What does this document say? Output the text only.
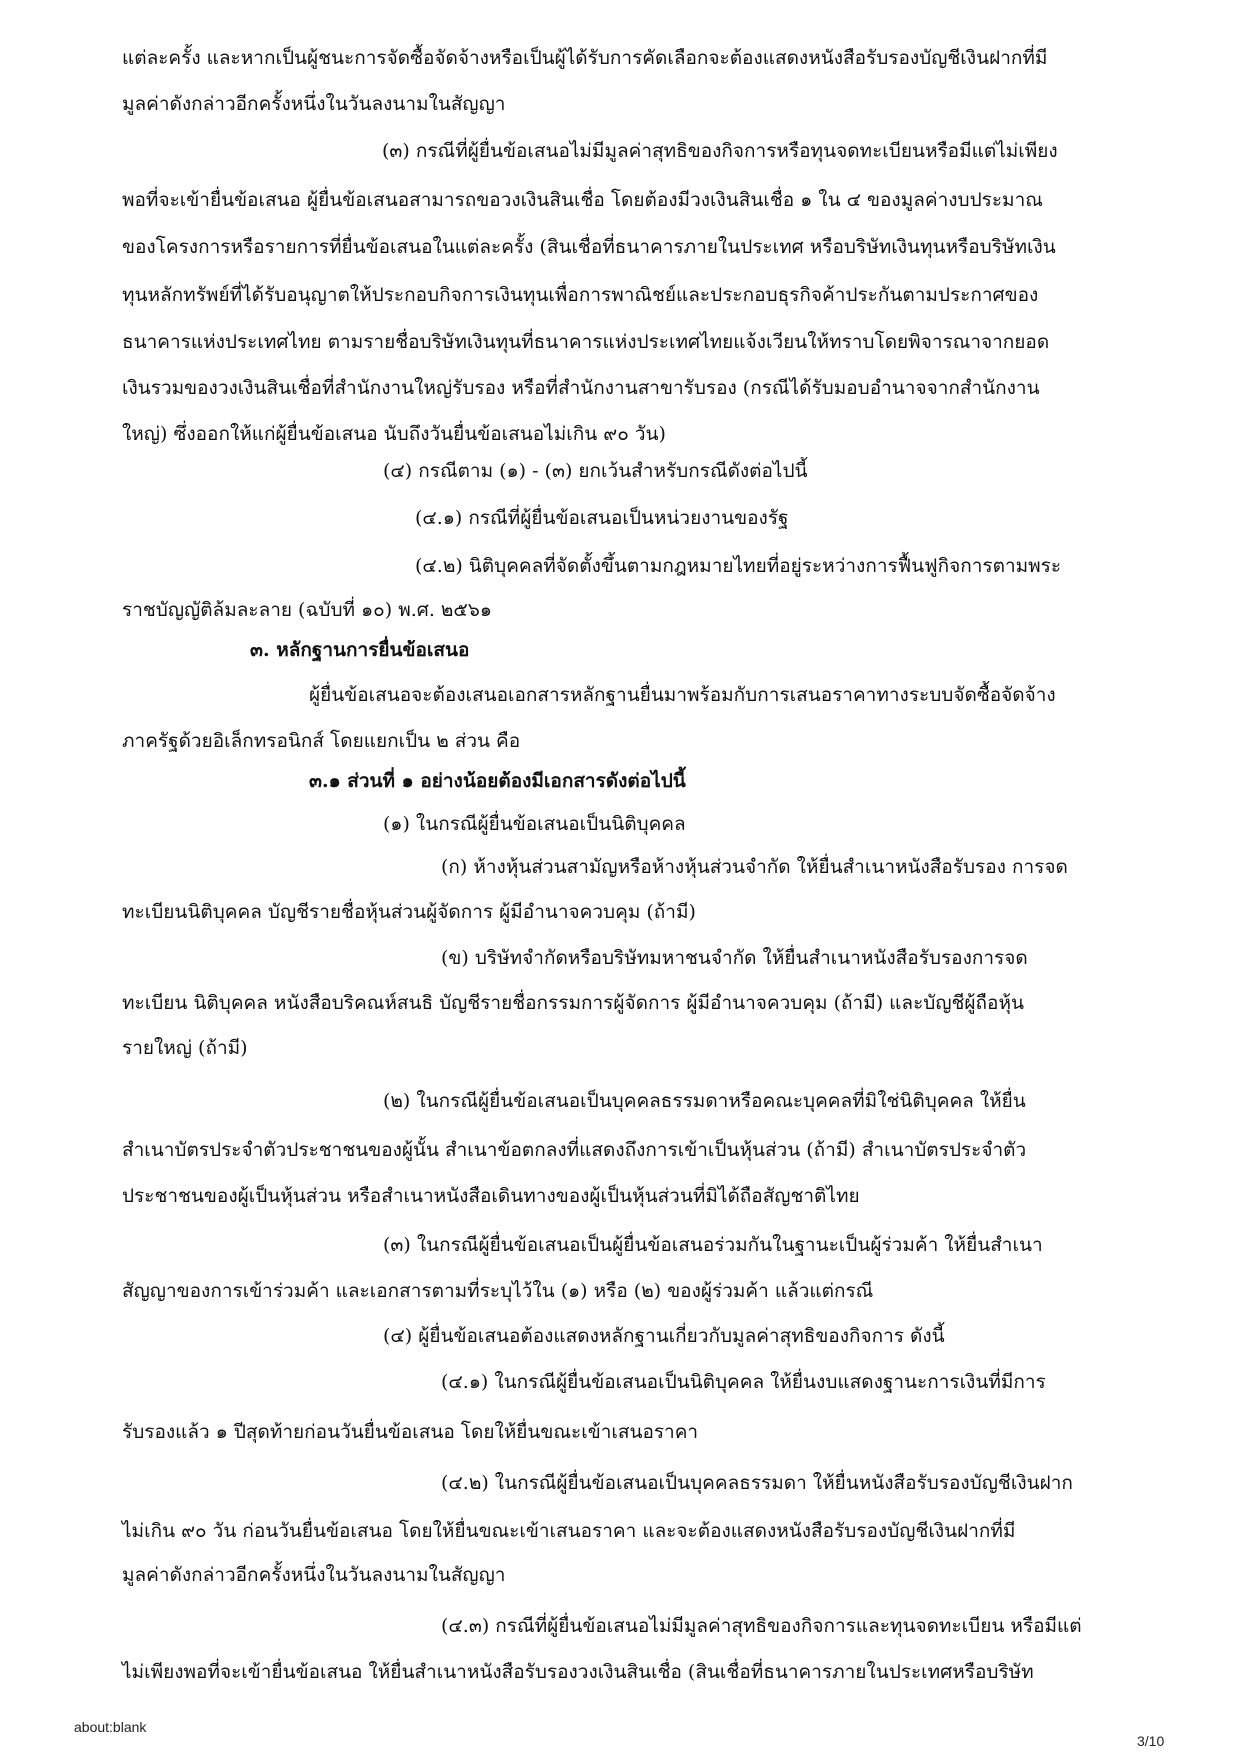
แต่ละครั้ง และหากเป็นผู้ชนะการจัดซื้อจัดจ้างหรือเป็นผู้ได้รับการคัดเลือกจะต้องแสดงหนังสือรับรองบัญชีเงินฝากที่มี
มูลค่าดังกล่าวอีกครั้งหนึ่งในวันลงนามในสัญญา
(๓) กรณีที่ผู้ยื่นข้อเสนอไม่มีมูลค่าสุทธิของกิจการหรือทุนจดทะเบียนหรือมีแต่ไม่เพียง
พอที่จะเข้ายื่นข้อเสนอ ผู้ยื่นข้อเสนอสามารถขอวงเงินสินเชื่อ โดยต้องมีวงเงินสินเชื่อ ๑ ใน ๔ ของมูลค่างบประมาณ
ของโครงการหรือรายการที่ยื่นข้อเสนอในแต่ละครั้ง (สินเชื่อที่ธนาคารภายในประเทศ หรือบริษัทเงินทุนหรือบริษัทเงิน
ทุนหลักทรัพย์ที่ได้รับอนุญาตให้ประกอบกิจการเงินทุนเพื่อการพาณิชย์และประกอบธุรกิจค้าประกันตามประกาศของ
ธนาคารแห่งประเทศไทย ตามรายชื่อบริษัทเงินทุนที่ธนาคารแห่งประเทศไทยแจ้งเวียนให้ทราบโดยพิจารณาจากยอด
เงินรวมของวงเงินสินเชื่อที่สำนักงานใหญ่รับรอง หรือที่สำนักงานสาขารับรอง (กรณีได้รับมอบอำนาจจากสำนักงาน
ใหญ่) ซึ่งออกให้แก่ผู้ยื่นข้อเสนอ นับถึงวันยื่นข้อเสนอไม่เกิน ๙๐ วัน)
(๔) กรณีตาม (๑) - (๓) ยกเว้นสำหรับกรณีดังต่อไปนี้
(๔.๑) กรณีที่ผู้ยื่นข้อเสนอเป็นหน่วยงานของรัฐ
(๔.๒) นิติบุคคลที่จัดตั้งขึ้นตามกฎหมายไทยที่อยู่ระหว่างการฟื้นฟูกิจการตามพระ
ราชบัญญัติล้มละลาย (ฉบับที่ ๑๐) พ.ศ. ๒๕๖๑
๓. หลักฐานการยื่นข้อเสนอ
ผู้ยื่นข้อเสนอจะต้องเสนอเอกสารหลักฐานยื่นมาพร้อมกับการเสนอราคาทางระบบจัดซื้อจัดจ้าง
ภาครัฐด้วยอิเล็กทรอนิกส์ โดยแยกเป็น ๒ ส่วน คือ
๓.๑ ส่วนที่ ๑ อย่างน้อยต้องมีเอกสารดังต่อไปนี้
(๑) ในกรณีผู้ยื่นข้อเสนอเป็นนิติบุคคล
(ก) ห้างหุ้นส่วนสามัญหรือห้างหุ้นส่วนจำกัด ให้ยื่นสำเนาหนังสือรับรอง การจด
ทะเบียนนิติบุคคล บัญชีรายชื่อหุ้นส่วนผู้จัดการ ผู้มีอำนาจควบคุม (ถ้ามี)
(ข) บริษัทจำกัดหรือบริษัทมหาชนจำกัด ให้ยื่นสำเนาหนังสือรับรองการจด
ทะเบียน นิติบุคคล หนังสือบริคณห์สนธิ บัญชีรายชื่อกรรมการผู้จัดการ ผู้มีอำนาจควบคุม (ถ้ามี) และบัญชีผู้ถือหุ้น
รายใหญ่ (ถ้ามี)
(๒) ในกรณีผู้ยื่นข้อเสนอเป็นบุคคลธรรมดาหรือคณะบุคคลที่มิใช่นิติบุคคล ให้ยื่น
สำเนาบัตรประจำตัวประชาชนของผู้นั้น สำเนาข้อตกลงที่แสดงถึงการเข้าเป็นหุ้นส่วน (ถ้ามี) สำเนาบัตรประจำตัว
ประชาชนของผู้เป็นหุ้นส่วน หรือสำเนาหนังสือเดินทางของผู้เป็นหุ้นส่วนที่มิได้ถือสัญชาติไทย
(๓) ในกรณีผู้ยื่นข้อเสนอเป็นผู้ยื่นข้อเสนอร่วมกันในฐานะเป็นผู้ร่วมค้า ให้ยื่นสำเนา
สัญญาของการเข้าร่วมค้า และเอกสารตามที่ระบุไว้ใน (๑) หรือ (๒) ของผู้ร่วมค้า แล้วแต่กรณี
(๔) ผู้ยื่นข้อเสนอต้องแสดงหลักฐานเกี่ยวกับมูลค่าสุทธิของกิจการ ดังนี้
(๔.๑) ในกรณีผู้ยื่นข้อเสนอเป็นนิติบุคคล ให้ยื่นงบแสดงฐานะการเงินที่มีการ
รับรองแล้ว ๑ ปีสุดท้ายก่อนวันยื่นข้อเสนอ โดยให้ยื่นขณะเข้าเสนอราคา
(๔.๒) ในกรณีผู้ยื่นข้อเสนอเป็นบุคคลธรรมดา ให้ยื่นหนังสือรับรองบัญชีเงินฝาก
ไม่เกิน ๙๐ วัน ก่อนวันยื่นข้อเสนอ โดยให้ยื่นขณะเข้าเสนอราคา และจะต้องแสดงหนังสือรับรองบัญชีเงินฝากที่มี
มูลค่าดังกล่าวอีกครั้งหนึ่งในวันลงนามในสัญญา
(๔.๓) กรณีที่ผู้ยื่นข้อเสนอไม่มีมูลค่าสุทธิของกิจการและทุนจดทะเบียน หรือมีแต่
ไม่เพียงพอที่จะเข้ายื่นข้อเสนอ ให้ยื่นสำเนาหนังสือรับรองวงเงินสินเชื่อ (สินเชื่อที่ธนาคารภายในประเทศหรือบริษัท
about:blank
3/10
